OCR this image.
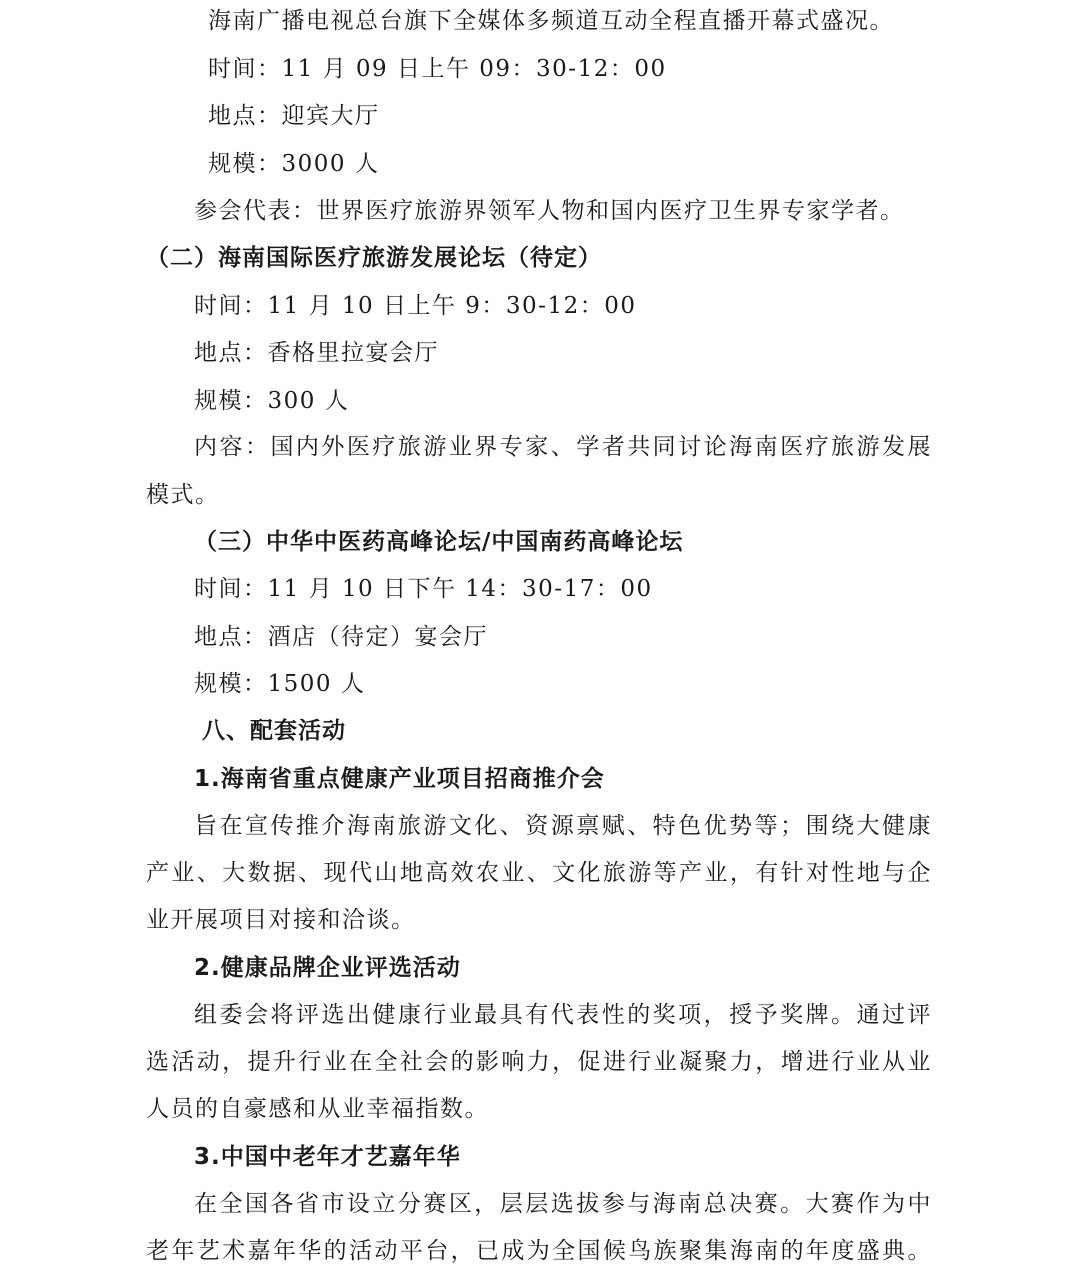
海南广播电视总台旗下全媒体多频道互动全程直播开幕式盛况。
时间：11 月 09 日上午 09：30-12：00
地点：迎宾大厅
规模：3000 人
参会代表：世界医疗旅游界领军人物和国内医疗卫生界专家学者。
（二）海南国际医疗旅游发展论坛（待定）
时间：11 月 10 日上午 9：30-12：00
地点：香格里拉宴会厅
规模：300 人
内容：国内外医疗旅游业界专家、学者共同讨论海南医疗旅游发展
模式。
（三）中华中医药高峰论坛/中国南药高峰论坛
时间：11 月 10 日下午 14：30-17：00
地点：酒店（待定）宴会厅
规模：1500 人
八、配套活动
1.海南省重点健康产业项目招商推介会
旨在宣传推介海南旅游文化、资源禀赋、特色优势等；围绕大健康
产业、大数据、现代山地高效农业、文化旅游等产业，有针对性地与企
业开展项目对接和洽谈。
2.健康品牌企业评选活动
组委会将评选出健康行业最具有代表性的奖项，授予奖牌。通过评
选活动，提升行业在全社会的影响力，促进行业凝聚力，增进行业从业
人员的自豪感和从业幸福指数。
3.中国中老年才艺嘉年华
在全国各省市设立分赛区，层层选拔参与海南总决赛。大赛作为中
老年艺术嘉年华的活动平台，已成为全国候鸟族聚集海南的年度盛典。
